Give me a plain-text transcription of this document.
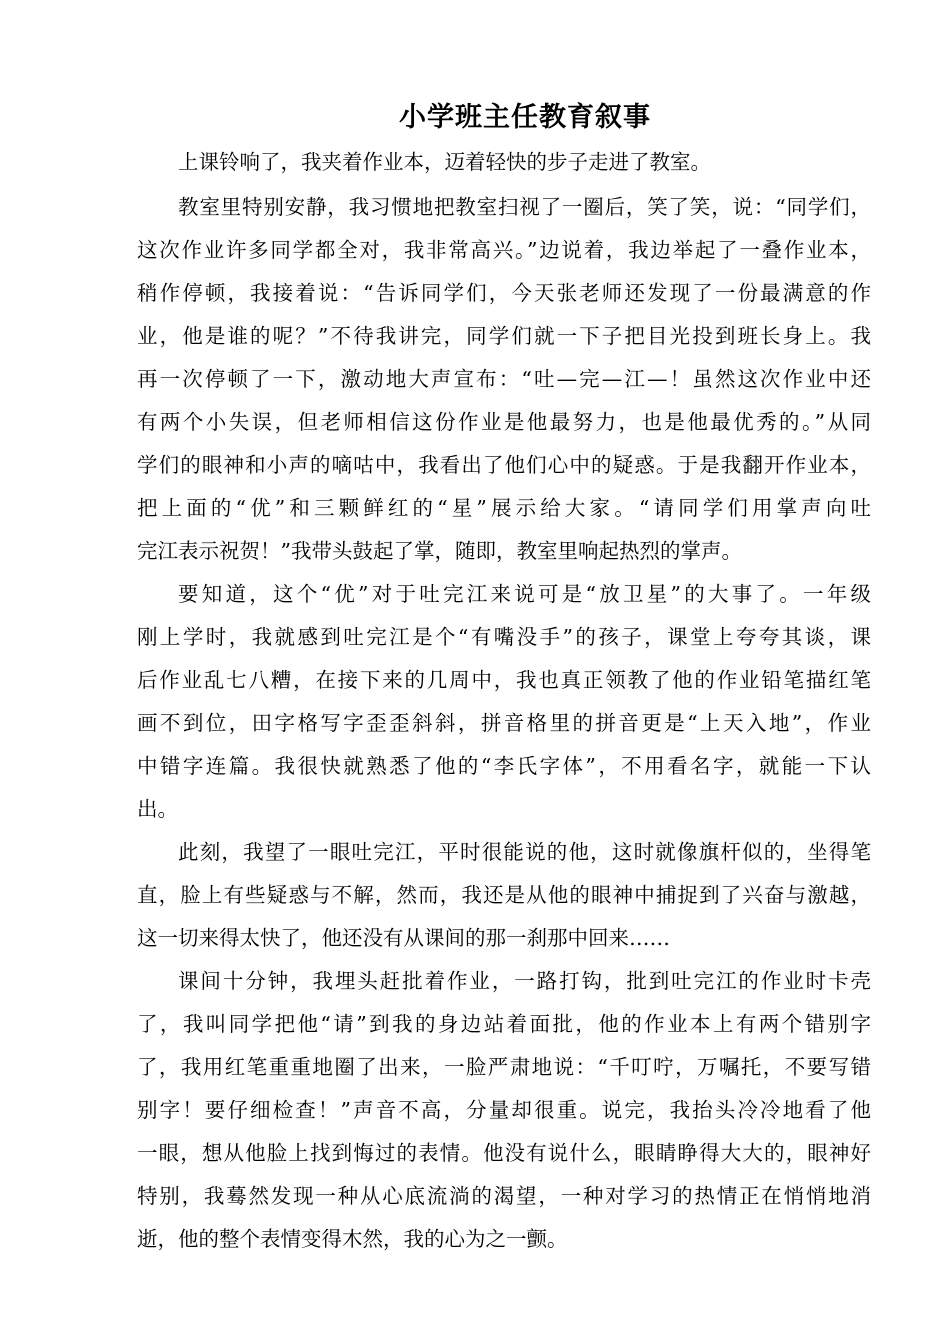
小学班主任教育叙事
上课铃响了，我夹着作业本，迈着轻快的步子走进了教室。
教室里特别安静，我习惯地把教室扫视了一圈后，笑了笑，说：“同学们，
这次作业许多同学都全对，我非常高兴。”边说着，我边举起了一叠作业本，
稍作停顿，我接着说：“告诉同学们，今天张老师还发现了一份最满意的作
业，他是谁的呢？”不待我讲完，同学们就一下子把目光投到班长身上。我
再一次停顿了一下，激动地大声宣布：“吐—完—江—！虽然这次作业中还
有两个小失误，但老师相信这份作业是他最努力，也是他最优秀的。”从同
学们的眼神和小声的嘀咕中，我看出了他们心中的疑惑。于是我翻开作业本，
把上面的“优”和三颗鲜红的“星”展示给大家。“请同学们用掌声向吐
完江表示祝贺！”我带头鼓起了掌，随即，教室里响起热烈的掌声。
要知道，这个“优”对于吐完江来说可是“放卫星”的大事了。一年级
刚上学时，我就感到吐完江是个“有嘴没手”的孩子，课堂上夸夸其谈，课
后作业乱七八糟，在接下来的几周中，我也真正领教了他的作业铅笔描红笔
画不到位，田字格写字歪歪斜斜，拼音格里的拼音更是“上天入地”，作业
中错字连篇。我很快就熟悉了他的“李氏字体”，不用看名字，就能一下认
出。
此刻，我望了一眼吐完江，平时很能说的他，这时就像旗杆似的，坐得笔
直，脸上有些疑惑与不解，然而，我还是从他的眼神中捕捉到了兴奋与激越，
这一切来得太快了，他还没有从课间的那一刹那中回来……
课间十分钟，我埋头赶批着作业，一路打钩，批到吐完江的作业时卡壳
了，我叫同学把他“请”到我的身边站着面批，他的作业本上有两个错别字
了，我用红笔重重地圈了出来，一脸严肃地说：“千叮咛，万嘱托，不要写错
别字！要仔细检查！”声音不高，分量却很重。说完，我抬头冷冷地看了他
一眼，想从他脸上找到悔过的表情。他没有说什么，眼睛睁得大大的，眼神好
特别，我蓦然发现一种从心底流淌的渴望，一种对学习的热情正在悄悄地消
逝，他的整个表情变得木然，我的心为之一颤。
